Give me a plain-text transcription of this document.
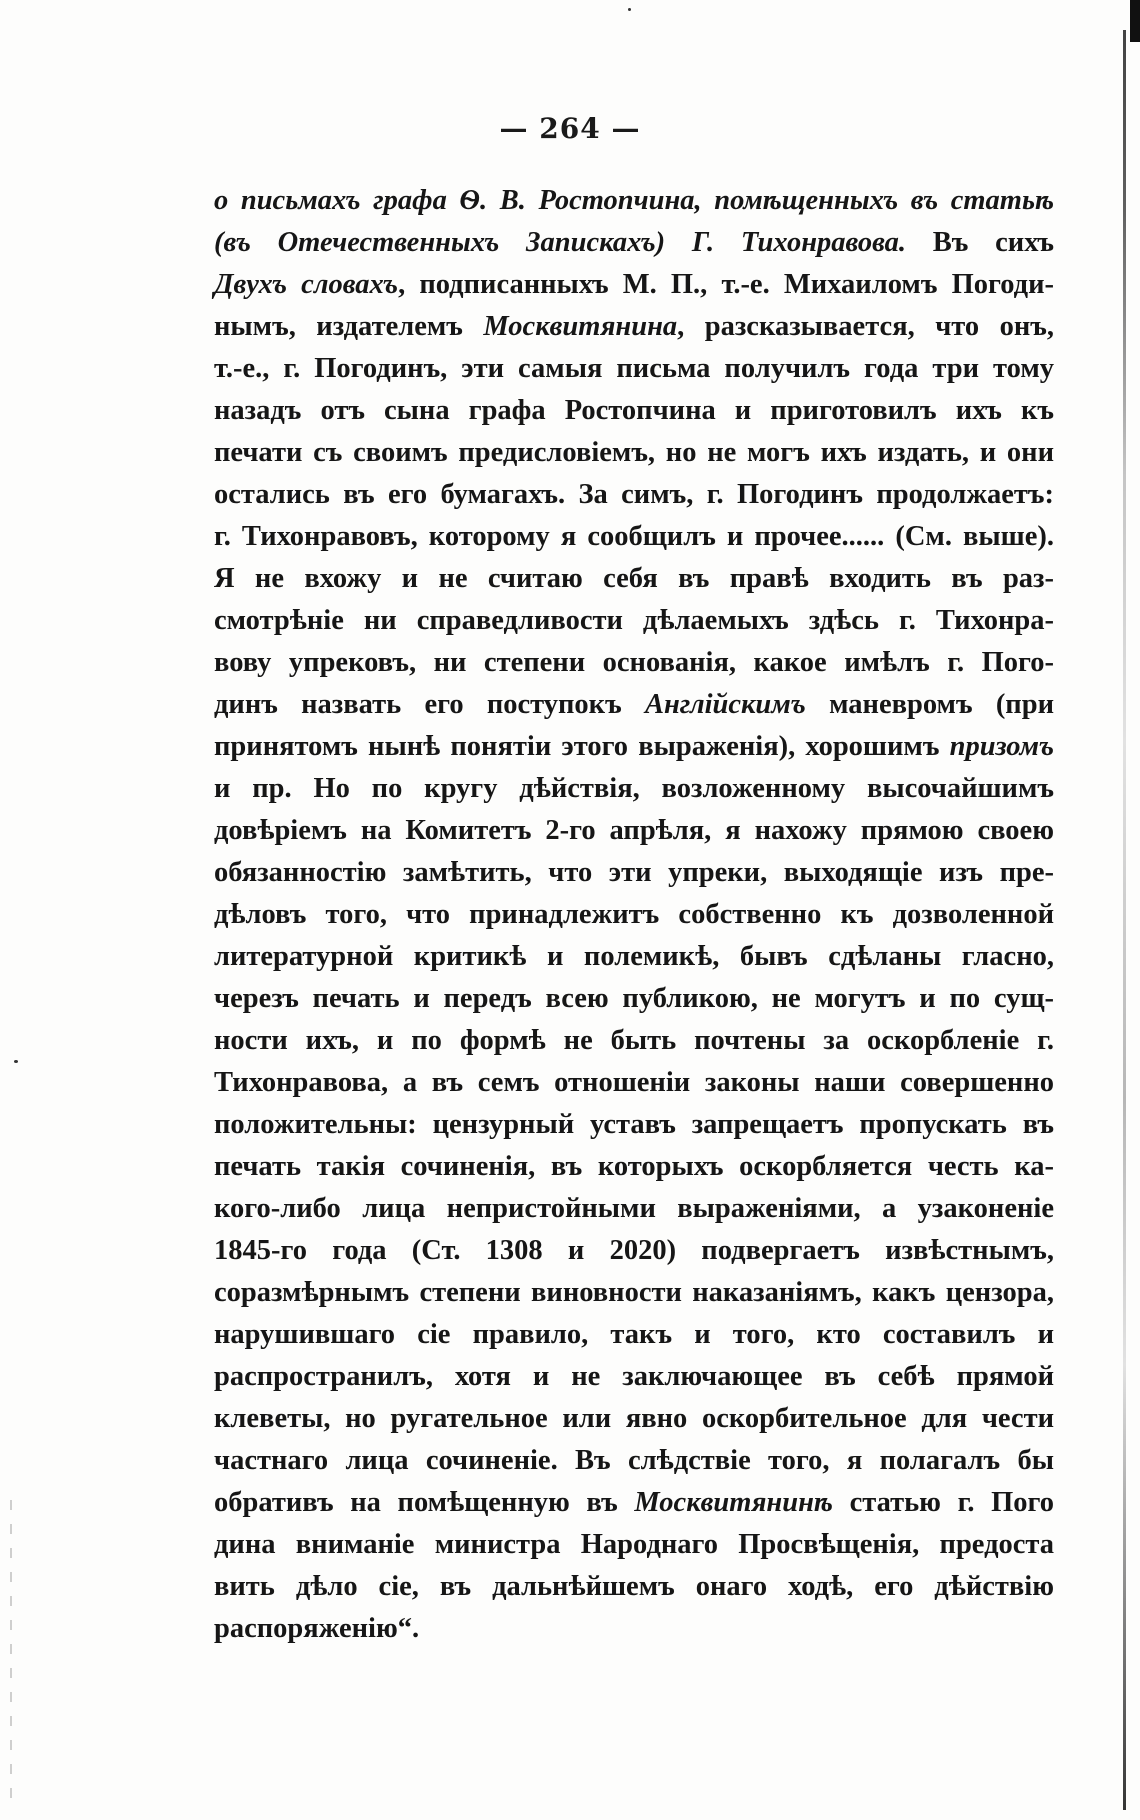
— 264 —
о письмахъ графа Ѳ. В. Ростопчина, помѣщенныхъ въ статьѣ
(въ Отечественныхъ Запискахъ) Г. Тихонравова. Въ сихъ
Двухъ словахъ, подписанныхъ М. П., т.-е. Михаиломъ Погоди-
нымъ, издателемъ Москвитянина, разсказывается, что онъ,
т.-е., г. Погодинъ, эти самыя письма получилъ года три тому
назадъ отъ сына графа Ростопчина и приготовилъ ихъ къ
печати съ своимъ предисловіемъ, но не могъ ихъ издать, и они
остались въ его бумагахъ. За симъ, г. Погодинъ продолжаетъ:
г. Тихонравовъ, которому я сообщилъ и прочее...... (См. выше).
Я не вхожу и не считаю себя въ правѣ входить въ раз-
смотрѣніе ни справедливости дѣлаемыхъ здѣсь г. Тихонра-
вову упрековъ, ни степени основанія, какое имѣлъ г. Пого-
динъ назвать его поступокъ Англійскимъ маневромъ (при
принятомъ нынѣ понятіи этого выраженія), хорошимъ призомъ
и пр. Но по кругу дѣйствія, возложенному высочайшимъ
довѣріемъ на Комитетъ 2-го апрѣля, я нахожу прямою своею
обязанностію замѣтить, что эти упреки, выходящіе изъ пре-
дѣловъ того, что принадлежитъ собственно къ дозволенной
литературной критикѣ и полемикѣ, бывъ сдѣланы гласно,
черезъ печать и передъ всею публикою, не могутъ и по сущ-
ности ихъ, и по формѣ не быть почтены за оскорбленіе г.
Тихонравова, а въ семъ отношеніи законы наши совершенно
положительны: цензурный уставъ запрещаетъ пропускать въ
печать такія сочиненія, въ которыхъ оскорбляется честь ка-
кого-либо лица непристойными выраженіями, а узаконеніе
1845-го года (Ст. 1308 и 2020) подвергаетъ извѣстнымъ,
соразмѣрнымъ степени виновности наказаніямъ, какъ цензора,
нарушившаго сіе правило, такъ и того, кто составилъ и
распространилъ, хотя и не заключающее въ себѣ прямой
клеветы, но ругательное или явно оскорбительное для чести
частнаго лица сочиненіе. Въ слѣдствіе того, я полагалъ бы
обративъ на помѣщенную въ Москвитянинѣ статью г. Пого
дина вниманіе министра Народнаго Просвѣщенія, предоста
вить дѣло сіе, въ дальнѣйшемъ онаго ходѣ, его дѣйствію
распоряженію“.
